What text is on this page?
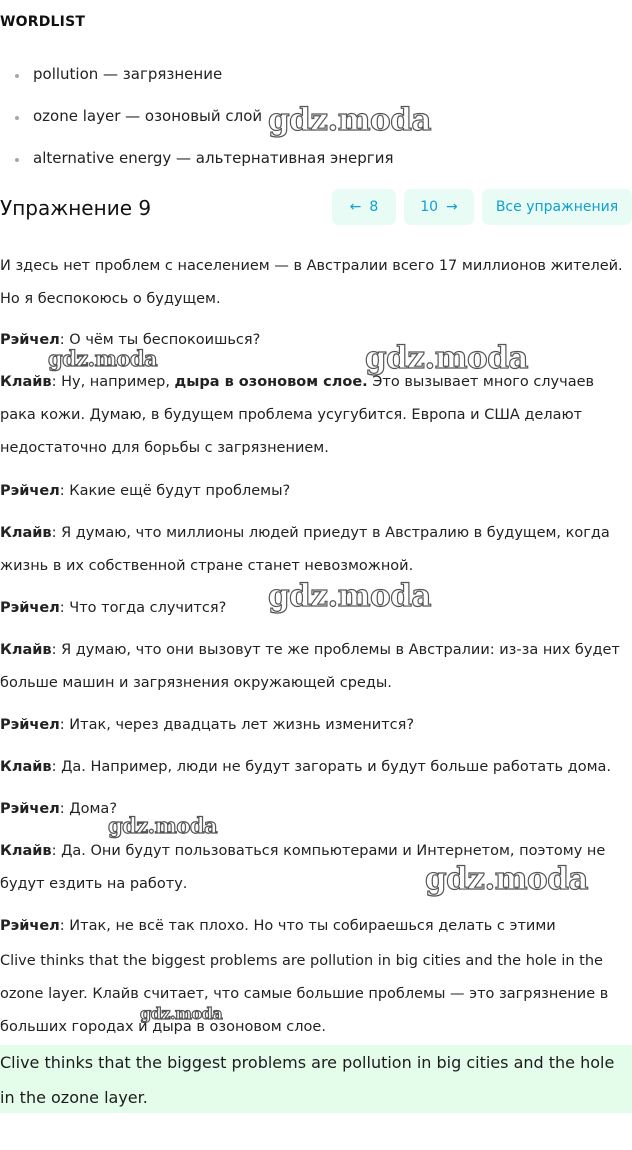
WORDLIST
pollution — загрязнение
ozone layer — озоновый слой
alternative energy — альтернативная энергия
Упражнение 9	← 8	10 →	Все упражнения
И здесь нет проблем с населением — в Австралии всего 17 миллионов жителей. Но я беспокоюсь о будущем.
Рэйчел: О чём ты беспокоишься?
Клайв: Ну, например, дыра в озоновом слое. Это вызывает много случаев рака кожи. Думаю, в будущем проблема усугубится. Европа и США делают недостаточно для борьбы с загрязнением.
Рэйчел: Какие ещё будут проблемы?
Клайв: Я думаю, что миллионы людей приедут в Австралию в будущем, когда жизнь в их собственной стране станет невозможной.
Рэйчел: Что тогда случится?
Клайв: Я думаю, что они вызовут те же проблемы в Австралии: из-за них будет больше машин и загрязнения окружающей среды.
Рэйчел: Итак, через двадцать лет жизнь изменится?
Клайв: Да. Например, люди не будут загорать и будут больше работать дома.
Рэйчел: Дома?
Клайв: Да. Они будут пользоваться компьютерами и Интернетом, поэтому не будут ездить на работу.
Рэйчел: Итак, не всё так плохо. Но что ты собираешься делать с этими
Clive thinks that the biggest problems are pollution in big cities and the hole in the ozone layer. Клайв считает, что самые большие проблемы — это загрязнение в больших городах и дыра в озоновом слое.
Clive thinks that the biggest problems are pollution in big cities and the hole in the ozone layer.
gdz.moda
gdz.moda	gdz.moda
gdz.moda
gdz.moda
gdz.moda
gdz.moda
